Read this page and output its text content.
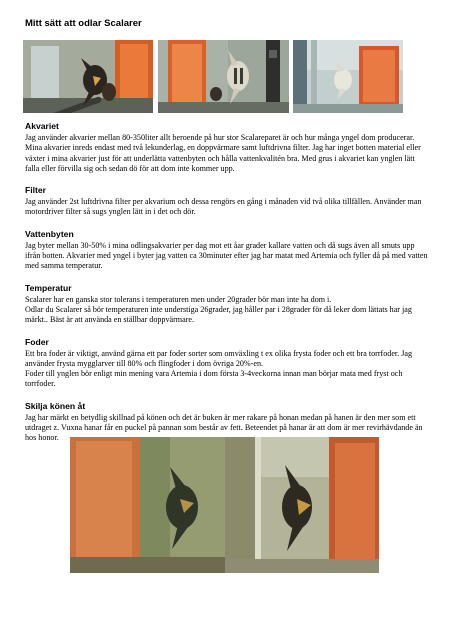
Mitt sätt att odlar Scalarer
Akvariet

Jag använder akvarier mellan 80-350liter allt beroende på hur stor Scalareparet är och hur många yngel dom producerar. Mina akvarier inreds endast med två lekunderlag, en doppvärmare samt luftdrivna filter. Jag har inget botten material eller växter i mina akvarier just för att underlätta vattenbyten och hålla vattenkvalitén bra. Med grus i akvariet kan ynglen lätt falla eller förvilla sig och sedan dö för att dom inte kommer upp.

Filter

Jag använder 2st luftdrivna filter per akvarium och dessa rengörs en gång i månaden vid två olika tillfällen. Använder man motordriver filter så sugs ynglen lätt in i det och dör.

Vattenbyten

Jag byter mellan 30-50% i mina odlingsakvarier per dag mot ett åar grader kallare vatten och då sugs även all smuts upp ifrån botten. Akvarier med yngel i byter jag vatten ca 30minuter efter jag har matat med Artemia och fyller då på med vatten med samma temperatur.

Temperatur

Scalarer har en ganska stor tolerans i temperaturen men under 20grader bör man inte ha dom i.

Odlar du Scalarer så bör temperaturen inte understiga 26grader, jag håller par i 28grader för då leker dom lättats har jag märkt.. Bäst är att använda en ställbar doppvärmare.

Foder

Ett bra foder är viktigt, använd gärna ett par foder sorter som omväxling t ex olika frysta foder och ett bra torrfoder. Jag använder frysta mygglarver till 80% och flingfoder i dom övriga 20%-en.

Foder till ynglen bör enligt min mening vara Artemia i dom första 3-4veckorna innan man börjar mata med fryst och torrfoder.

Skilja könen åt

Jag har märkt en betydlig skillnad på könen och det är buken är mer rakare på honan medan på hanen är den mer som ett utdraget z. Vuxna hanar får en puckel på pannan som består av fett. Beteendet på hanar är att dom är mer revirhävdande än hos honor.
